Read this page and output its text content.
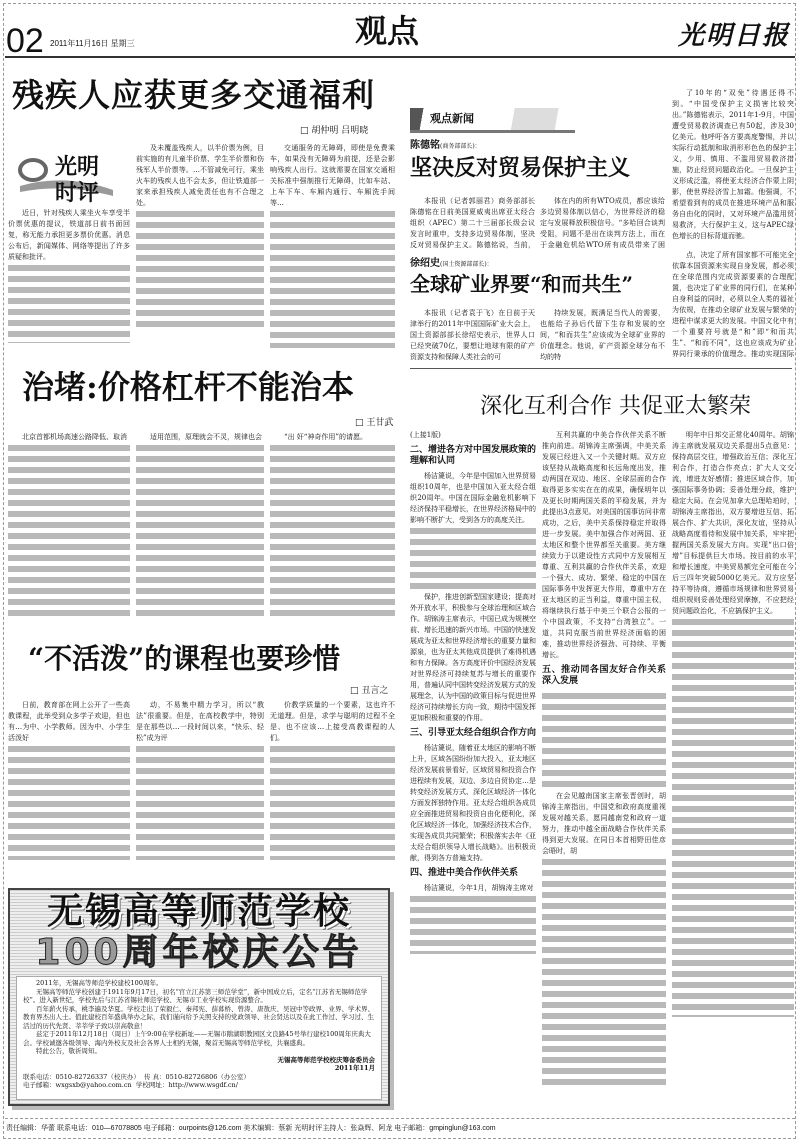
02 2011年11月16日 星期三	观点	光明日报
残疾人应获更多交通福利
□ 胡仲明 吕明晓
光明时评

近日，针对残疾人乘坐火车享受半价票优惠的提议，铁道部日前书面回复，称无能力承担更多票价优惠。消息公布后，新闻媒体、网络等提出了许多质疑和批评。

及未覆盖残疾人，以半价票为例，目前实施的有儿童半价票、学生半价票和伤残军人半价票等。…不管减免可行，乘坐火车的残疾人也不会太多，但让铁道部一家来承担残疾人减免责任也有不合理之处。

交通服务的无障碍，即使是免费乘车，如果没有无障碍为前提，还是会影响残疾人出行。这就需要在国家交通相关标准中强制推行无障碍，比如车站、上车下车、车厢内通行、车厢洗手间等…

治堵:价格杠杆不能治本
□ 王甘武

北京首都机场高速公路降低、取消	适用范围，原理就会不灵，规律也会	“出 奸“神奇作用”的请愿。

“不活泼”的课程也要珍惜
□ 丑言之

日前，教育部在网上公开了一些高教课程，此举受到众多学子欢迎，但也有…为中、小学教师。因为中、小学生活泼好

动，不易集中精力学习，所以“教法”很重要。但是，在高校教学中，特别是在那些以…一段时间以来，“快乐、轻松”成为评

价教学质量的一个要素，这也许不无道理。但是，求学与聪明的过程不全是、也不应该…上接受高教课程的人们。

无锡高等师范学校
100周年校庆公告

2011年，无锡高等师范学校建校100周年。

无锡高等师范学校创建于1911年9月17日，初名“官立江苏第三师范学堂”，新中国成立后，定名“江苏省无锡师范学校”。进入新世纪，学校先后与江苏省锡社师范学校、无锡市工业学校实现资源整合。

百年薪火传承，桃李遍及华夏。学校走出了荣毅仁、秦邦宪、薛暮桥、曾涛、唐敖庆、吴冠中等政界、业界、学术界、教育界杰出人士。值此建校百年盛典举办之际，我们谨向给予关照支持的党政领导、社会贤达以及在此工作过、学习过、生活过的历代先贤、莘莘学子致以崇高敬意！

兹定于2011年12月18日（周日）上午9:00在学校新址——无锡市鹅湖职教园区文良路45号举行建校100周年庆典大会。学校诚邀各级领导、海内外校友及社会各界人士相约无锡，聚首无锡高等师范学校，共襄盛典。

特此公告，敬祈周知。

无锡高等师范学校校庆筹备委员会
2011年11月
联系电话：0510-82726337（校庆办） 传 真：0510-82726806（办公室）
电子邮箱：wxgsxb@yahoo.com.cn 学校网址：http://www.wsgdf.cn/
观点新闻
陈德铭(商务部部长)：
坚决反对贸易保护主义

本报讯（记者郭丽君）商务部部长陈德铭在日前美国夏威夷出席亚太经合组织（APEC）第二十三届部长级会议发言时重申，支持多边贸易体制，坚决反对贸易保护主义。陈德铭说，当前，

体在内的所有WTO成员，都应该给多边贸易体制以信心，为世界经济的稳定与发展释放积极信号。“多哈回合谈判受阻，问题不是出在谈判方法上，而在于金融危机给WTO所有成员带来了困

了10年的“双免”待遇还得不到。“中国受保护主义损害比较突出。”陈德铭表示，2011年1-9月，中国遭受贸易救济调查已有50起，涉及30亿美元。他呼吁各方要高度警惕，并以实际行动抵制和取消形形色色的保护主义，少用、慎用、不滥用贸易救济措施，防止经贸问题政治化。一旦保护主义形成泛滥，将使亚太经济合作蒙上阴影，使世界经济雪上加霜。他强调，不希望看到有的成员在推进环境产品和服务自由化的同时，又对环境产品滥用贸易救济，大行保护主义，这与APEC绿色增长的目标背道而驰。

点，决定了所有国家都不可能完全依靠本国资源来实现自身发展，都必须在全球范围内完成资源要素的合理配置，也决定了矿业界的同行们，在某种自身利益的同时，必须以全人类的福祉为依规，在推动全球矿业发展与繁荣的进程中谋求更大的发展。中国文化中有一个重要符号就是“和”即“和而共生”、“和而不同”，这也应该成为矿业界同行秉承的价值理念。推动实现国际

徐绍史(国土资源部部长)：
全球矿业界要“和而共生”

本报讯（记者袁于飞）在日前于天津举行的2011年中国国际矿业大会上，国土资源部部长徐绍史表示，世界人口已经突破70亿，要想让地球有限的矿产资源支持和保障人类社会的可

持续发展，既满足当代人的需要，也能给子孙后代留下生存和发展的空间，“和而共生”应该成为全球矿业界的价值理念。他说，矿产资源全球分布不均的特

深化互利合作 共促亚太繁荣
(上接1版)
二、增进各方对中国发展政策的理解和认同

杨洁篪说，今年是中国加入世界贸易组织10周年，也是中国加入亚太经合组织20周年。中国在国际金融危机影响下经济保持平稳增长，在世界经济格局中的影响不断扩大，受到各方的高度关注。

保护，推进创新型国家建设；提高对外开放水平，积极参与全球治理和区域合作。胡锦涛主席表示，中国已成为规模空前、增长迅速的新兴市场。中国的快速发展成为亚太和世界经济增长的重要力量和源泉，也为亚太其他成员提供了难得机遇和有力保障。各方高度评价中国经济发展对世界经济可持续复苏与增长的重要作用，普遍认同中国转变经济发展方式的发展理念，认为中国的政策目标与促进世界经济可持续增长方向一致，期待中国发挥更加积极和重要的作用。

三、引导亚太经合组织合作方向

杨洁篪说，随着亚太地区的影响不断上升，区域各国纷纷加大投入，亚太地区经济发展前景看好，区域贸易和投资合作进程续有发展，双边、多边自贸协定…是转变经济发展方式、深化区域经济一体化方面发挥独特作用。亚太经合组织各成员应全面推进贸易和投资自由化便利化，深化区域经济一体化，加强经济技术合作，实现各成员共同繁荣；积极落实去年《亚太经合组织领导人增长战略》。出积极贡献，得到各方普遍支持。

四、推进中美合作伙伴关系

杨洁篪说，今年1月，胡锦涛主席对

互利共赢的中美合作伙伴关系不断推向前进。胡锦涛主席强调，中美关系发展已经进入又一个关键时期。双方应该坚持从战略高度和长远角度出发，推动两国在双边、地区、全球层面的合作取得更多实实在在的成果，确保明年以及更长时期两国关系的平稳发展，并为此提出3点意见。对美国的国事访问非常成功，之后，美中关系保持稳定并取得进一步发展。美中加强合作对两国、亚太地区和整个世界都至关重要。美方继续致力于以建设性方式同中方发展相互尊重、互利共赢的合作伙伴关系，欢迎一个强大、成功、繁荣、稳定的中国在国际事务中发挥更大作用，尊重中方在亚太地区的正当利益，尊重中国主权，将继续执行基于中美三个联合公报的一个中国政策，不支持“台湾独立”。一道，共同克服当前世界经济面临的困难，推动世界经济强劲、可持续、平衡增长。

五、推动同各国友好合作关系深入发展

在会见越南国家主席张晋创时，胡锦涛主席指出，中国党和政府高度重视发展对越关系，愿同越南党和政府一道努力，推动中越全面战略合作伙伴关系得到更大发展。在同日本首相野田佳彦会晤时，胡

明年中日邦交正常化40周年。胡锦涛主席就发展双边关系提出5点意见：保持高层交往，增强政治互信；深化互利合作，打造合作亮点；扩大人文交流，增进友好感情；推进区域合作，加强国际事务协调；妥善处理分歧，维护稳定大局。在会见加拿大总理哈珀时，胡锦涛主席指出，双方要增进互信、拓展合作、扩大共识，深化友谊，坚持从战略高度看待和发展中加关系，牢牢把握两国关系发展大方向。实现“出口倍增”目标提供巨大市场。按目前的水平和增长速度，中美贸易额完全可能在今后三四年突破5000亿美元。双方应坚持平等协商，遵循市场规律和世界贸易组织规则妥善处理经贸摩擦，不应把经贸问题政治化，不应搞保护主义。

责任编辑：华蕾 联系电话：010—67078805 电子邮箱：ourpoints@126.com 美术编辑：蔡新 光明时评主持人：张焱辉、阿龙 电子邮箱：gmpinglun@163.com
